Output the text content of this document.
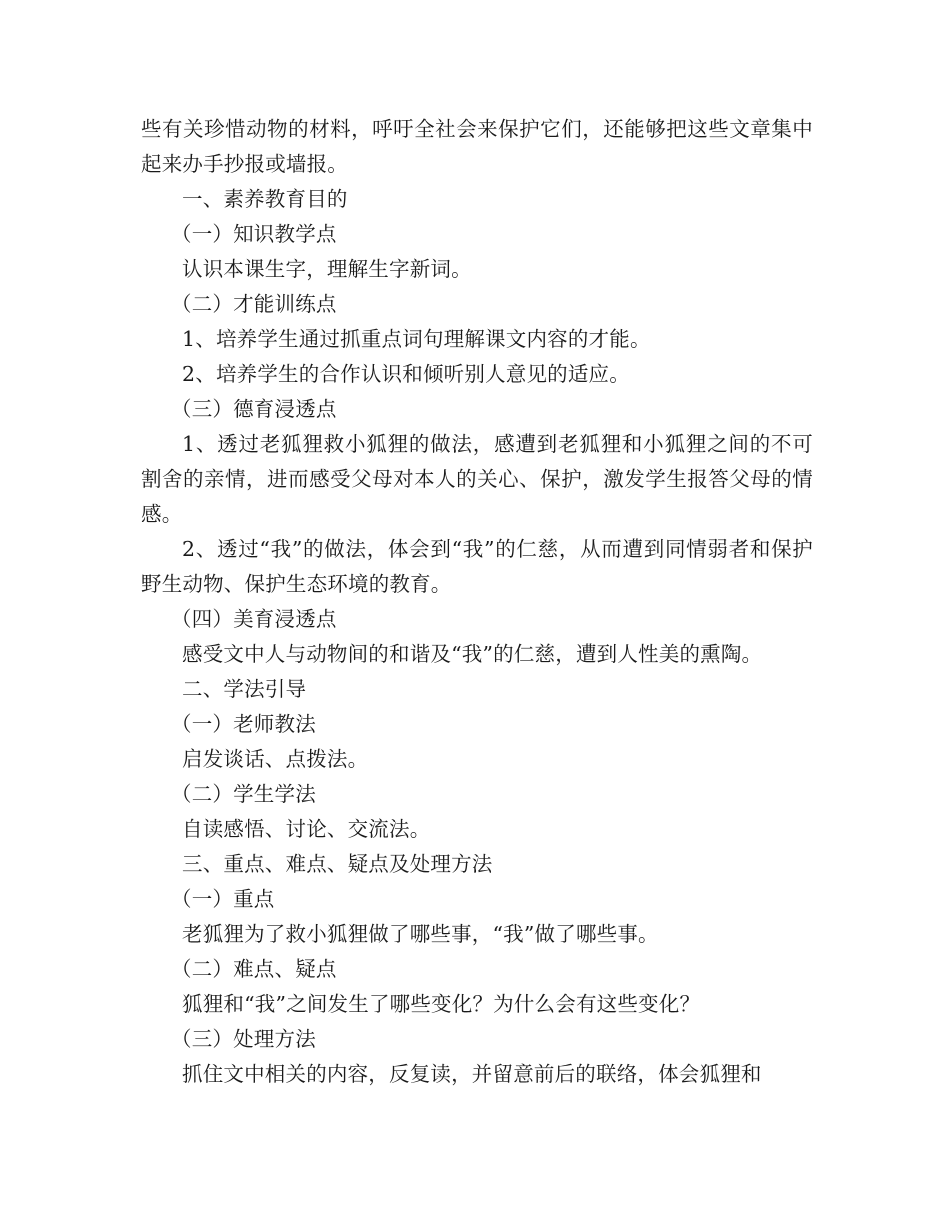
些有关珍惜动物的材料，呼吁全社会来保护它们，还能够把这些文章集中起来办手抄报或墙报。

一、素养教育目的

（一）知识教学点

认识本课生字，理解生字新词。

（二）才能训练点

1、培养学生通过抓重点词句理解课文内容的才能。

2、培养学生的合作认识和倾听别人意见的适应。

（三）德育浸透点

1、透过老狐狸救小狐狸的做法，感遭到老狐狸和小狐狸之间的不可割舍的亲情，进而感受父母对本人的关心、保护，激发学生报答父母的情感。

2、透过“我”的做法，体会到“我”的仁慈，从而遭到同情弱者和保护野生动物、保护生态环境的教育。

（四）美育浸透点

感受文中人与动物间的和谐及“我”的仁慈，遭到人性美的熏陶。

二、学法引导

（一）老师教法

启发谈话、点拨法。

（二）学生学法

自读感悟、讨论、交流法。

三、重点、难点、疑点及处理方法

（一）重点

老狐狸为了救小狐狸做了哪些事，“我”做了哪些事。

（二）难点、疑点

狐狸和“我”之间发生了哪些变化？为什么会有这些变化？

（三）处理方法

抓住文中相关的内容，反复读，并留意前后的联络，体会狐狸和
